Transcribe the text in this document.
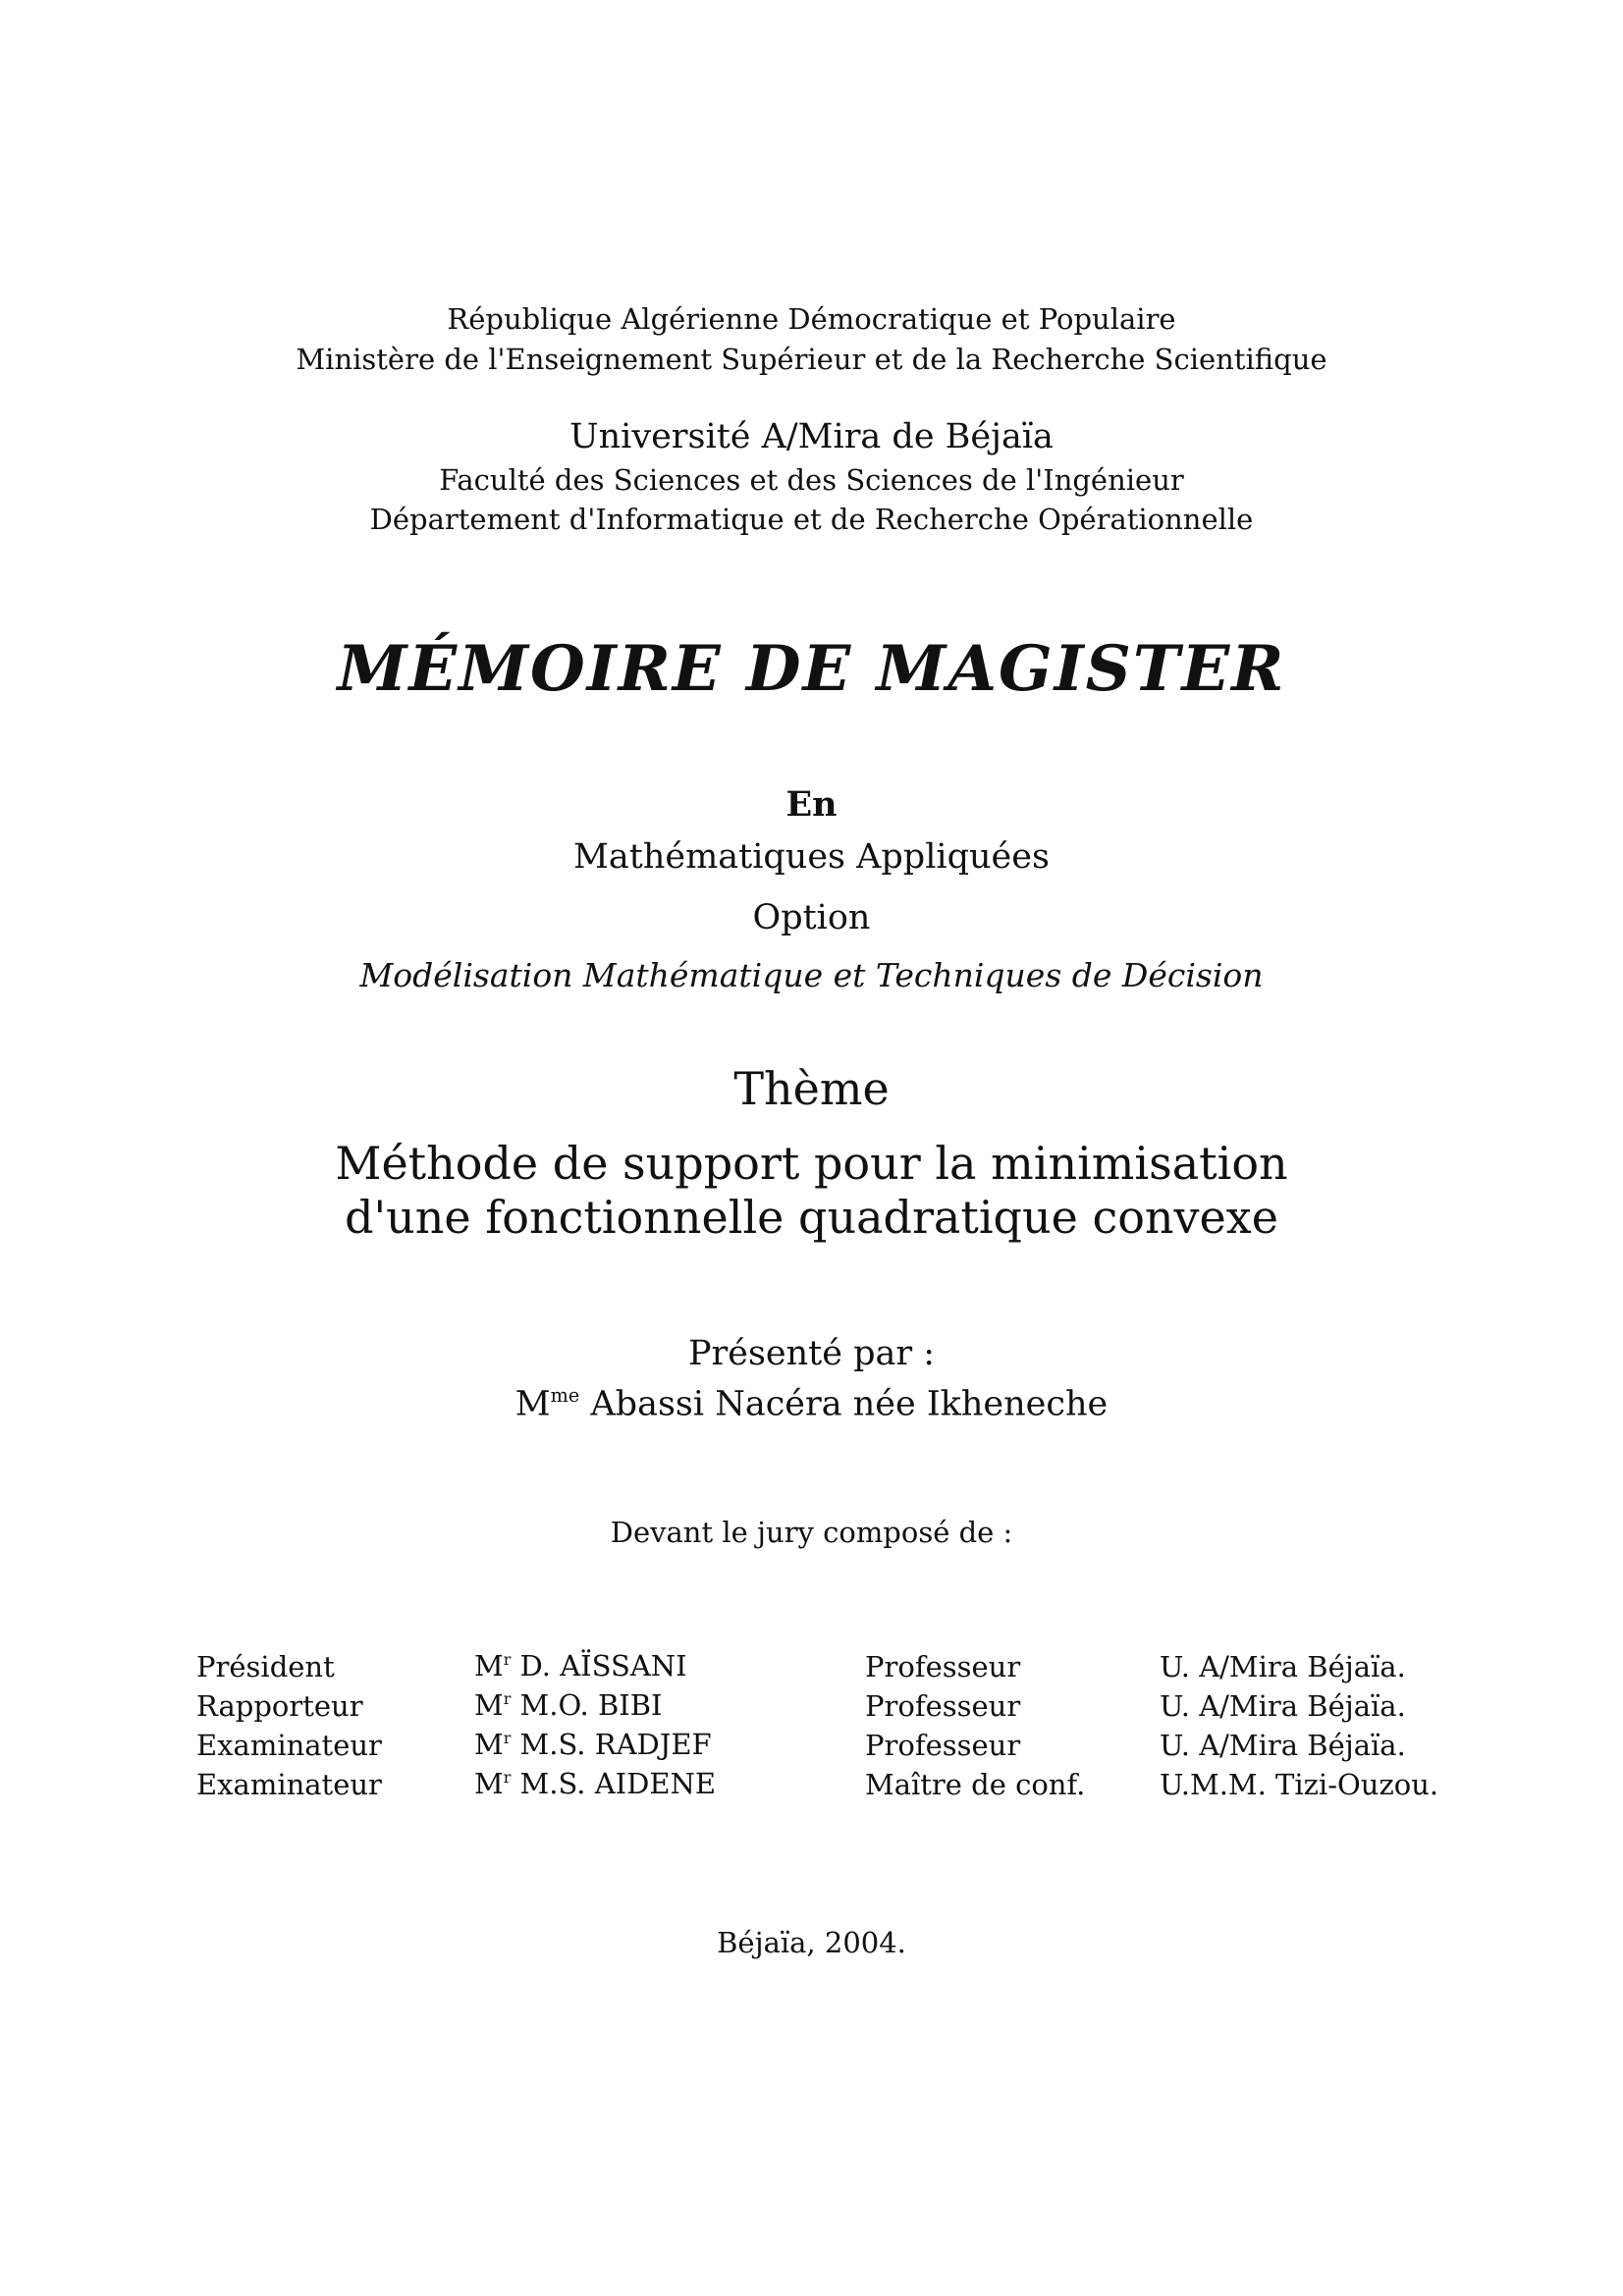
République Algérienne Démocratique et Populaire
Ministère de l'Enseignement Supérieur et de la Recherche Scientifique
Université A/Mira de Béjaïa
Faculté des Sciences et des Sciences de l'Ingénieur
Département d'Informatique et de Recherche Opérationnelle
MÉMOIRE DE MAGISTER
En
Mathématiques Appliquées
Option
Modélisation Mathématique et Techniques de Décision
Thème
Méthode de support pour la minimisation
d'une fonctionnelle quadratique convexe
Présenté par :
$M^{me}$ Abassi Nacéra née Ikheneche
Devant le jury composé de :
Président	$M^r$ D. AÏSSANI	Professeur	U. A/Mira Béjaïa.
Rapporteur	$M^r$ M.O. BIBI	Professeur	U. A/Mira Béjaïa.
Examinateur	$M^r$ M.S. RADJEF	Professeur	U. A/Mira Béjaïa.
Examinateur	$M^r$ M.S. AIDENE	Maître de conf.	U.M.M. Tizi-Ouzou.
Béjaïa, 2004.
